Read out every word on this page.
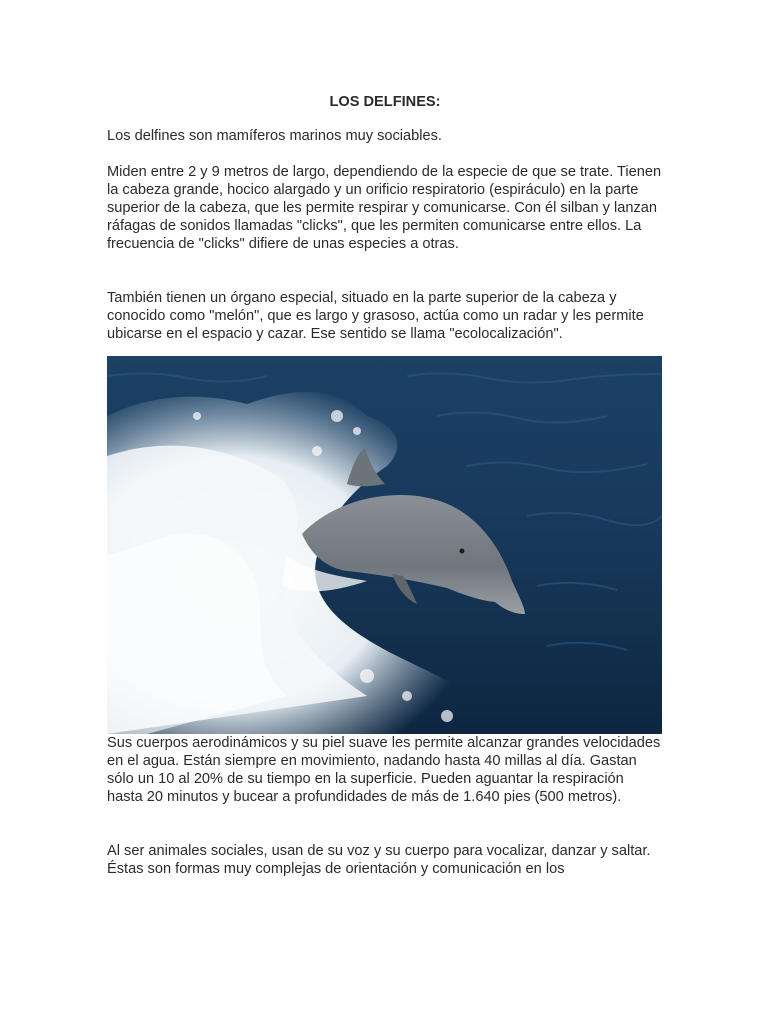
LOS DELFINES:

Los delfines son mamíferos marinos muy sociables.

Miden entre 2 y 9 metros de largo, dependiendo de la especie de que se trate. Tienen la cabeza grande, hocico alargado y un orificio respiratorio (espiráculo) en la parte superior de la cabeza, que les permite respirar y comunicarse. Con él silban y lanzan ráfagas de sonidos llamadas "clicks", que les permiten comunicarse entre ellos. La frecuencia de "clicks" difiere de unas especies a otras.

También tienen un órgano especial, situado en la parte superior de la cabeza y conocido como "melón", que es largo y grasoso, actúa como un radar y les permite ubicarse en el espacio y cazar. Ese sentido se llama "ecolocalización".

Sus cuerpos aerodinámicos y su piel suave les permite alcanzar grandes velocidades en el agua. Están siempre en movimiento, nadando hasta 40 millas al día. Gastan sólo un 10 al 20% de su tiempo en la superficie. Pueden aguantar la respiración hasta 20 minutos y bucear a profundidades de más de 1.640 pies (500 metros).

Al ser animales sociales, usan de su voz y su cuerpo para vocalizar, danzar y saltar. Éstas son formas muy complejas de orientación y comunicación en los
